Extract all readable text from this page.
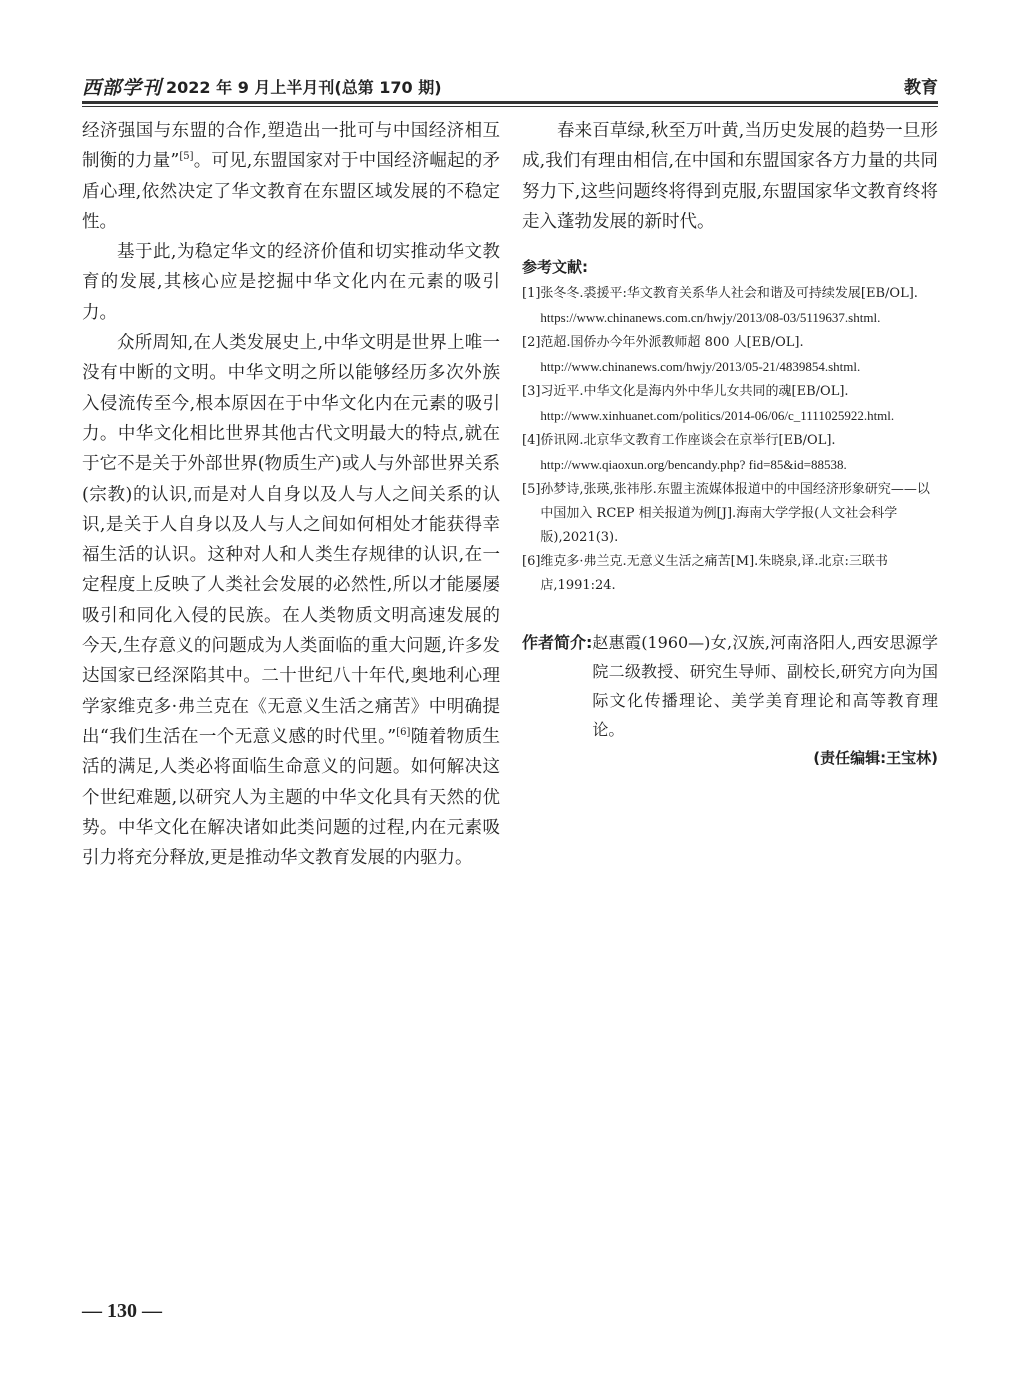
西部学刊 2022 年 9 月上半月刊(总第 170 期)	教育

经济强国与东盟的合作,塑造出一批可与中国经济相互制衡的力量”[5]。可见,东盟国家对于中国经济崛起的矛盾心理,依然决定了华文教育在东盟区域发展的不稳定性。

基于此,为稳定华文的经济价值和切实推动华文教育的发展,其核心应是挖掘中华文化内在元素的吸引力。

众所周知,在人类发展史上,中华文明是世界上唯一没有中断的文明。中华文明之所以能够经历多次外族入侵流传至今,根本原因在于中华文化内在元素的吸引力。中华文化相比世界其他古代文明最大的特点,就在于它不是关于外部世界(物质生产)或人与外部世界关系(宗教)的认识,而是对人自身以及人与人之间关系的认识,是关于人自身以及人与人之间如何相处才能获得幸福生活的认识。这种对人和人类生存规律的认识,在一定程度上反映了人类社会发展的必然性,所以才能屡屡吸引和同化入侵的民族。在人类物质文明高速发展的今天,生存意义的问题成为人类面临的重大问题,许多发达国家已经深陷其中。二十世纪八十年代,奥地利心理学家维克多·弗兰克在《无意义生活之痛苦》中明确提出“我们生活在一个无意义感的时代里。”[6]随着物质生活的满足,人类必将面临生命意义的问题。如何解决这个世纪难题,以研究人为主题的中华文化具有天然的优势。中华文化在解决诸如此类问题的过程,内在元素吸引力将充分释放,更是推动华文教育发展的内驱力。

春来百草绿,秋至万叶黄,当历史发展的趋势一旦形成,我们有理由相信,在中国和东盟国家各方力量的共同努力下,这些问题终将得到克服,东盟国家华文教育终将走入蓬勃发展的新时代。

参考文献:
[1] 张冬冬.裘援平:华文教育关系华人社会和谐及可持续发展[EB/OL].
https://www.chinanews.com.cn/hwjy/2013/08-03/5119637.shtml.
[2] 范超.国侨办今年外派教师超 800 人[EB/OL].
http://www.chinanews.com/hwjy/2013/05-21/4839854.shtml.
[3] 习近平.中华文化是海内外中华儿女共同的魂[EB/OL].
http://www.xinhuanet.com/politics/2014-06/06/c_1111025922.html.
[4] 侨讯网.北京华文教育工作座谈会在京举行[EB/OL].
http://www.qiaoxun.org/bencandy.php? fid=85&id=88538.
[5] 孙梦诗,张瑛,张祎彤.东盟主流媒体报道中的中国经济形象研究——以中国加入 RCEP 相关报道为例[J].海南大学学报(人文社会科学版),2021(3).
[6] 维克多·弗兰克.无意义生活之痛苦[M].朱晓泉,译.北京:三联书店,1991:24.
作者简介: 赵惠霞(1960—)女,汉族,河南洛阳人,西安思源学院二级教授、研究生导师、副校长,研究方向为国际文化传播理论、美学美育理论和高等教育理论。
(责任编辑:王宝林)
— 130 —
